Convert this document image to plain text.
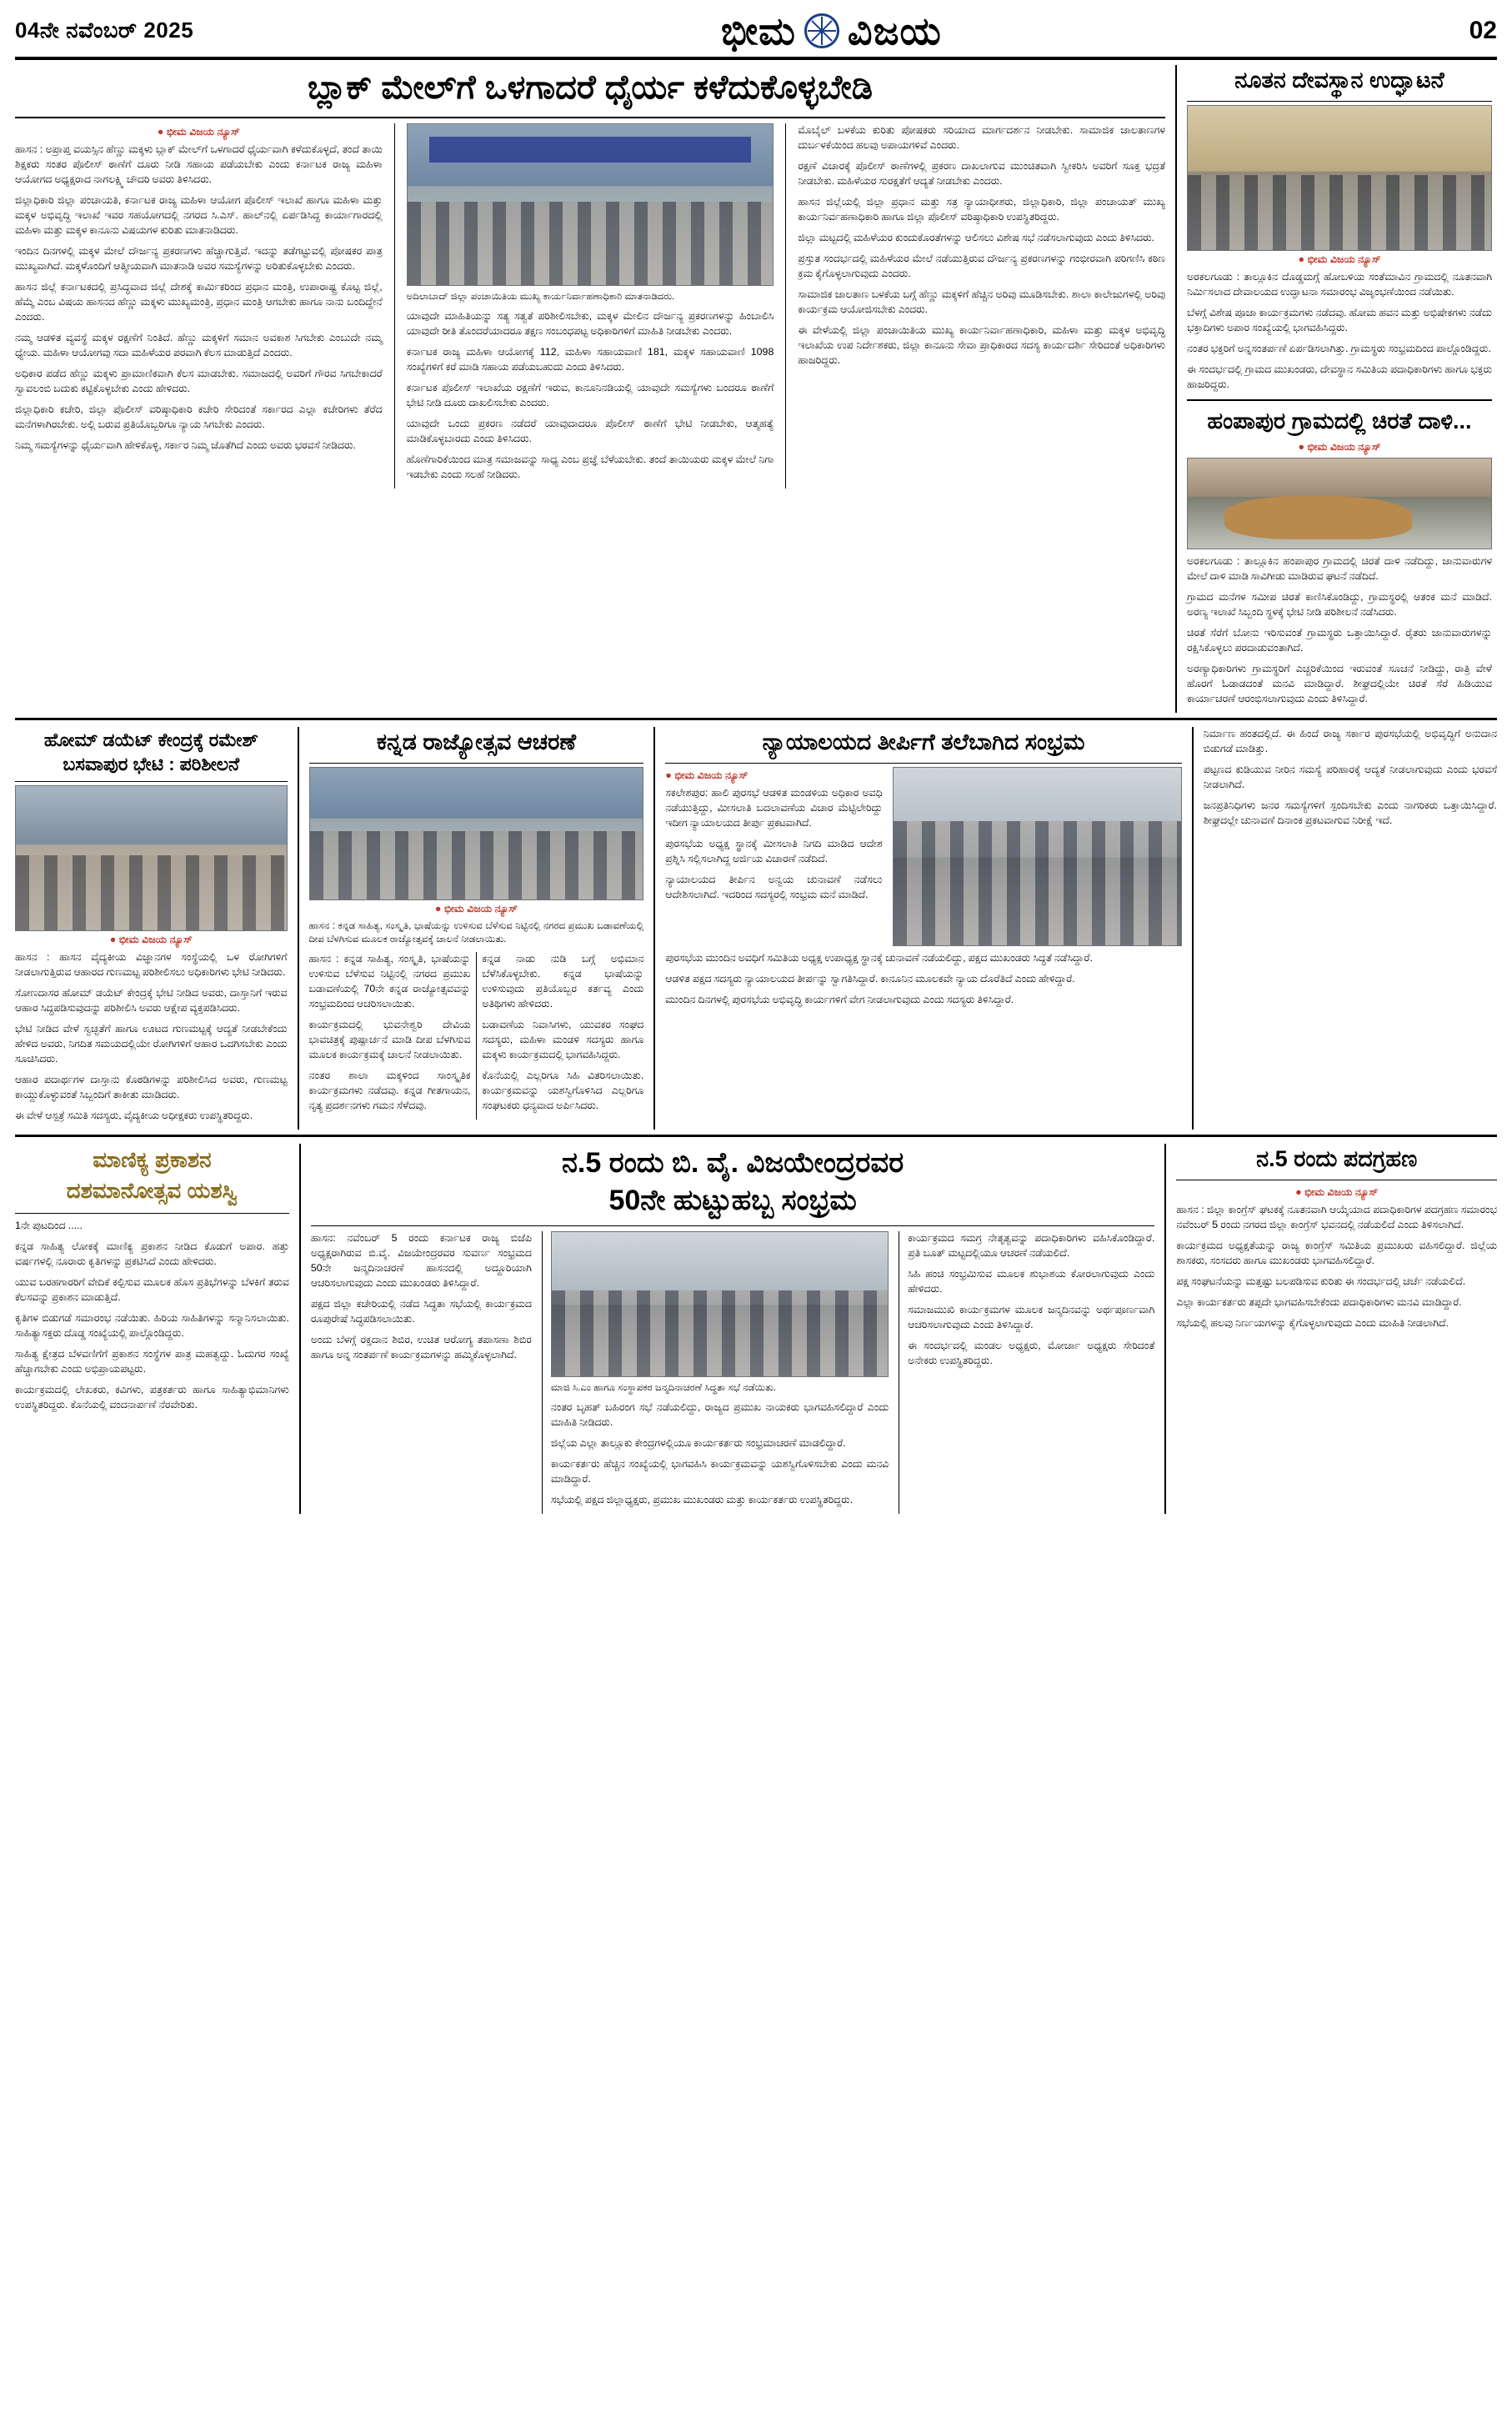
04ನೇ ನವೆಂಬರ್ 2025	ಭೀಮ ವಿಜಯ	02
ಬ್ಲಾಕ್ ಮೇಲ್‌ಗೆ ಒಳಗಾದರೆ ಧೈರ್ಯ ಕಳೆದುಕೊಳ್ಳಬೇಡಿ
● ಭೀಮ ವಿಜಯ ನ್ಯೂಸ್

ಹಾಸನ : ಅಪ್ರಾಪ್ತ ವಯಸ್ಸಿನ ಹೆಣ್ಣು ಮಕ್ಕಳು ಬ್ಲಾಕ್ ಮೇಲ್‌ಗೆ ಒಳಗಾದರೆ ಧೈರ್ಯವಾಗಿ ಕಳೆದುಕೊಳ್ಳದೆ, ತಂದೆ ತಾಯಿ ಶಿಕ್ಷಕರು ಸಂತರ ಪೊಲೀಸ್ ಠಾಣೆಗೆ ದೂರು ನೀಡಿ ಸಹಾಯ ಪಡೆಯಬೇಕು ಎಂದು ಕರ್ನಾಟಕ ರಾಜ್ಯ ಮಹಿಳಾ ಆಯೋಗದ ಅಧ್ಯಕ್ಷರಾದ ನಾಗಲಕ್ಷ್ಮಿ ಚೌದರಿ ಅವರು ತಿಳಿಸಿದರು.

ಜಿಲ್ಲಾಧಿಕಾರಿ ಜಿಲ್ಲಾ ಪಂಚಾಯತಿ, ಕರ್ನಾಟಕ ರಾಜ್ಯ ಮಹಿಳಾ ಆಯೋಗ ಪೊಲೀಸ್ ಇಲಾಖೆ ಹಾಗೂ ಮಹಿಳಾ ಮತ್ತು ಮಕ್ಕಳ ಅಭಿವೃದ್ಧಿ ಇಲಾಖೆ ಇವರ ಸಹಯೋಗದಲ್ಲಿ ನಗರದ ಸಿ.ಎಸ್. ಹಾಲ್‌ನಲ್ಲಿ ಏರ್ಪಡಿಸಿದ್ದ ಕಾರ್ಯಾಗಾರದಲ್ಲಿ ಮಹಿಳಾ ಮತ್ತು ಮಕ್ಕಳ ಕಾನೂನು ವಿಷಯಗಳ ಕುರಿತು ಮಾತನಾಡಿದರು.

ಇಂದಿನ ದಿನಗಳಲ್ಲಿ ಮಕ್ಕಳ ಮೇಲೆ ದೌರ್ಜನ್ಯ ಪ್ರಕರಣಗಳು ಹೆಚ್ಚಾಗುತ್ತಿವೆ. ಇದನ್ನು ತಡೆಗಟ್ಟುವಲ್ಲಿ ಪೋಷಕರ ಪಾತ್ರ ಮುಖ್ಯವಾಗಿದೆ. ಮಕ್ಕಳೊಂದಿಗೆ ಆತ್ಮೀಯವಾಗಿ ಮಾತನಾಡಿ ಅವರ ಸಮಸ್ಯೆಗಳನ್ನು ಅರಿತುಕೊಳ್ಳಬೇಕು ಎಂದರು.

ಹಾಸನ ಜಿಲ್ಲೆ ಕರ್ನಾಟಕದಲ್ಲಿ ಪ್ರಸಿದ್ಧವಾದ ಜಿಲ್ಲೆ ದೇಶಕ್ಕೆ ಕಾರ್ಮಿಕರಿಂದ ಪ್ರಧಾನ ಮಂತ್ರಿ, ಉಪಾರಾಷ್ಟ್ರ ಕೊಟ್ಟ ಜಿಲ್ಲೆ, ಹೆಮ್ಮೆ ಎಂಬ ವಿಷಯ ಹಾಸನದ ಹೆಣ್ಣು ಮಕ್ಕಳು ಮುಖ್ಯಮಂತ್ರಿ, ಪ್ರಧಾನ ಮಂತ್ರಿ ಆಗಬೇಕು ಹಾಗೂ ನಾನು ಬಂದಿದ್ದೇನೆ ಎಂದರು.

ನಮ್ಮ ಆಡಳಿತ ವ್ಯವಸ್ಥೆ ಮಕ್ಕಳ ರಕ್ಷಣೆಗೆ ನಿಂತಿದೆ. ಹೆಣ್ಣು ಮಕ್ಕಳಿಗೆ ಸಮಾನ ಅವಕಾಶ ಸಿಗಬೇಕು ಎಂಬುದೇ ನಮ್ಮ ಧ್ಯೇಯ. ಮಹಿಳಾ ಆಯೋಗವು ಸದಾ ಮಹಿಳೆಯರ ಪರವಾಗಿ ಕೆಲಸ ಮಾಡುತ್ತಿದೆ ಎಂದರು.

ಅಧಿಕಾರ ಪಡೆದ ಹೆಣ್ಣು ಮಕ್ಕಳು ಪ್ರಾಮಾಣಿಕವಾಗಿ ಕೆಲಸ ಮಾಡಬೇಕು. ಸಮಾಜದಲ್ಲಿ ಅವರಿಗೆ ಗೌರವ ಸಿಗಬೇಕಾದರೆ ಸ್ವಾವಲಂಬಿ ಬದುಕು ಕಟ್ಟಿಕೊಳ್ಳಬೇಕು ಎಂದು ಹೇಳಿದರು.

ಜಿಲ್ಲಾಧಿಕಾರಿ ಕಚೇರಿ, ಜಿಲ್ಲಾ ಪೊಲೀಸ್ ವರಿಷ್ಠಾಧಿಕಾರಿ ಕಚೇರಿ ಸೇರಿದಂತೆ ಸರ್ಕಾರದ ಎಲ್ಲಾ ಕಚೇರಿಗಳು ತೆರೆದ ಮನೆಗಳಾಗಿರಬೇಕು. ಅಲ್ಲಿ ಬರುವ ಪ್ರತಿಯೊಬ್ಬರಿಗೂ ನ್ಯಾಯ ಸಿಗಬೇಕು ಎಂದರು.

ನಿಮ್ಮ ಸಮಸ್ಯೆಗಳನ್ನು ಧೈರ್ಯವಾಗಿ ಹೇಳಿಕೊಳ್ಳಿ, ಸರ್ಕಾರ ನಿಮ್ಮ ಜೊತೆಗಿದೆ ಎಂದು ಅವರು ಭರವಸೆ ನೀಡಿದರು.

ಅದಿಲಾಬಾದ್ ಜಿಲ್ಲಾ ಪಂಚಾಯಿತಿಯ ಮುಖ್ಯ ಕಾರ್ಯನಿರ್ವಾಹಣಾಧಿಕಾರಿ ಮಾತನಾಡಿದರು.

ಯಾವುದೇ ಮಾಹಿತಿಯನ್ನು ಸತ್ಯ ಸತ್ವತೆ ಪರಿಶೀಲಿಸಬೇಕು, ಮಕ್ಕಳ ಮೇಲಿನ ದೌರ್ಜನ್ಯ ಪ್ರಕರಣಗಳನ್ನು ಹಿಂಬಾಲಿಸಿ ಯಾವುದೇ ರೀತಿ ತೊಂದರೆಯಾದರೂ ತಕ್ಷಣ ಸಂಬಂಧಪಟ್ಟ ಅಧಿಕಾರಿಗಳಿಗೆ ಮಾಹಿತಿ ನೀಡಬೇಕು ಎಂದರು.

ಕರ್ನಾಟಕ ರಾಜ್ಯ ಮಹಿಳಾ ಆಯೋಗಕ್ಕೆ 112, ಮಹಿಳಾ ಸಹಾಯವಾಣಿ 181, ಮಕ್ಕಳ ಸಹಾಯವಾಣಿ 1098 ಸಂಖ್ಯೆಗಳಿಗೆ ಕರೆ ಮಾಡಿ ಸಹಾಯ ಪಡೆಯಬಹುದು ಎಂದು ತಿಳಿಸಿದರು.

ಕರ್ನಾಟಕ ಪೊಲೀಸ್ ಇಲಾಖೆಯ ರಕ್ಷಣೆಗೆ ಇರುವ, ಕಾನೂನಿನಡಿಯಲ್ಲಿ ಯಾವುದೇ ಸಮಸ್ಯೆಗಳು ಬಂದರೂ ಠಾಣೆಗೆ ಭೇಟಿ ನೀಡಿ ದೂರು ದಾಖಲಿಸಬೇಕು ಎಂದರು.

ಯಾವುದೇ ಒಂದು ಪ್ರಕರಣ ನಡೆದರೆ ಯಾವುದಾದರೂ ಪೊಲೀಸ್ ಠಾಣೆಗೆ ಭೇಟಿ ನೀಡಬೇಕು, ಆತ್ಮಹತ್ಯೆ ಮಾಡಿಕೊಳ್ಳಬಾರದು ಎಂದು ತಿಳಿಸಿದರು.

ಹೊಣೆಗಾರಿಕೆಯಿಂದ ಮಾತ್ರ ಸಮಾಜವನ್ನು ಸಾಧ್ಯ ಎಂಬ ಪ್ರಜ್ಞೆ ಬೆಳೆಯಬೇಕು. ತಂದೆ ತಾಯಿಯರು ಮಕ್ಕಳ ಮೇಲೆ ನಿಗಾ ಇಡಬೇಕು ಎಂದು ಸಲಹೆ ನೀಡಿದರು.

ಮೊಬೈಲ್ ಬಳಕೆಯ ಕುರಿತು ಪೋಷಕರು ಸರಿಯಾದ ಮಾರ್ಗದರ್ಶನ ನೀಡಬೇಕು. ಸಾಮಾಜಿಕ ಜಾಲತಾಣಗಳ ದುರ್ಬಳಕೆಯಿಂದ ಹಲವು ಅಪಾಯಗಳಿವೆ ಎಂದರು.

ರಕ್ಷಣೆ ವಿಚಾರಕ್ಕೆ ಪೊಲೀಸ್ ಠಾಣೆಗಳಲ್ಲಿ ಪ್ರಕರಣ ದಾಖಲಾಗುವ ಮುಂಚಿತವಾಗಿ ಸ್ವೀಕರಿಸಿ ಅವರಿಗೆ ಸೂಕ್ತ ಭದ್ರತೆ ನೀಡಬೇಕು. ಮಹಿಳೆಯರ ಸುರಕ್ಷತೆಗೆ ಆದ್ಯತೆ ನೀಡಬೇಕು ಎಂದರು.

ಹಾಸನ ಜಿಲ್ಲೆಯಲ್ಲಿ ಜಿಲ್ಲಾ ಪ್ರಧಾನ ಮತ್ತು ಸತ್ರ ನ್ಯಾಯಾಧೀಶರು, ಜಿಲ್ಲಾಧಿಕಾರಿ, ಜಿಲ್ಲಾ ಪಂಚಾಯತ್ ಮುಖ್ಯ ಕಾರ್ಯನಿರ್ವಹಣಾಧಿಕಾರಿ ಹಾಗೂ ಜಿಲ್ಲಾ ಪೊಲೀಸ್ ವರಿಷ್ಠಾಧಿಕಾರಿ ಉಪಸ್ಥಿತರಿದ್ದರು.

ಜಿಲ್ಲಾ ಮಟ್ಟದಲ್ಲಿ ಮಹಿಳೆಯರ ಕುಂದುಕೊರತೆಗಳನ್ನು ಆಲಿಸಲು ವಿಶೇಷ ಸಭೆ ನಡೆಸಲಾಗುವುದು ಎಂದು ತಿಳಿಸಿದರು.

ಪ್ರಸ್ತುತ ಸಂದರ್ಭದಲ್ಲಿ ಮಹಿಳೆಯರ ಮೇಲೆ ನಡೆಯುತ್ತಿರುವ ದೌರ್ಜನ್ಯ ಪ್ರಕರಣಗಳನ್ನು ಗಂಭೀರವಾಗಿ ಪರಿಗಣಿಸಿ ಕಠಿಣ ಕ್ರಮ ಕೈಗೊಳ್ಳಲಾಗುವುದು ಎಂದರು.

ಸಾಮಾಜಿಕ ಜಾಲತಾಣ ಬಳಕೆಯ ಬಗ್ಗೆ ಹೆಣ್ಣು ಮಕ್ಕಳಿಗೆ ಹೆಚ್ಚಿನ ಅರಿವು ಮೂಡಿಸಬೇಕು. ಶಾಲಾ ಕಾಲೇಜುಗಳಲ್ಲಿ ಅರಿವು ಕಾರ್ಯಕ್ರಮ ಆಯೋಜಿಸಬೇಕು ಎಂದರು.

ಈ ವೇಳೆಯಲ್ಲಿ ಜಿಲ್ಲಾ ಪಂಚಾಯಿತಿಯ ಮುಖ್ಯ ಕಾರ್ಯನಿರ್ವಾಹಣಾಧಿಕಾರಿ, ಮಹಿಳಾ ಮತ್ತು ಮಕ್ಕಳ ಅಭಿವೃದ್ಧಿ ಇಲಾಖೆಯ ಉಪ ನಿರ್ದೇಶಕರು, ಜಿಲ್ಲಾ ಕಾನೂನು ಸೇವಾ ಪ್ರಾಧಿಕಾರದ ಸದಸ್ಯ ಕಾರ್ಯದರ್ಶಿ ಸೇರಿದಂತೆ ಅಧಿಕಾರಿಗಳು ಹಾಜರಿದ್ದರು.

ನೂತನ ದೇವಸ್ಥಾನ ಉದ್ಘಾಟನೆ
● ಭೀಮ ವಿಜಯ ನ್ಯೂಸ್

ಅರಕಲಗೂಡು : ತಾಲ್ಲೂಕಿನ ದೊಡ್ಡಮಗ್ಗೆ ಹೋಬಳಿಯ ಸಂತೆಮಾವಿನ ಗ್ರಾಮದಲ್ಲಿ ನೂತನವಾಗಿ ನಿರ್ಮಿಸಲಾದ ದೇವಾಲಯದ ಉದ್ಘಾಟನಾ ಸಮಾರಂಭ ವಿಜೃಂಭಣೆಯಿಂದ ನಡೆಯಿತು.

ಬೆಳಗ್ಗೆ ವಿಶೇಷ ಪೂಜಾ ಕಾರ್ಯಕ್ರಮಗಳು ನಡೆದವು. ಹೋಮ ಹವನ ಮತ್ತು ಅಭಿಷೇಕಗಳು ನಡೆದು ಭಕ್ತಾದಿಗಳು ಅಪಾರ ಸಂಖ್ಯೆಯಲ್ಲಿ ಭಾಗವಹಿಸಿದ್ದರು.

ನಂತರ ಭಕ್ತರಿಗೆ ಅನ್ನಸಂತರ್ಪಣೆ ಏರ್ಪಡಿಸಲಾಗಿತ್ತು. ಗ್ರಾಮಸ್ಥರು ಸಂಭ್ರಮದಿಂದ ಪಾಲ್ಗೊಂಡಿದ್ದರು.

ಈ ಸಂದರ್ಭದಲ್ಲಿ ಗ್ರಾಮದ ಮುಖಂಡರು, ದೇವಸ್ಥಾನ ಸಮಿತಿಯ ಪದಾಧಿಕಾರಿಗಳು ಹಾಗೂ ಭಕ್ತರು ಹಾಜರಿದ್ದರು.

ಹಂಪಾಪುರ ಗ್ರಾಮದಲ್ಲಿ ಚಿರತೆ ದಾಳಿ...
● ಭೀಮ ವಿಜಯ ನ್ಯೂಸ್

ಅರಕಲಗೂಡು : ತಾಲ್ಲೂಕಿನ ಹಂಪಾಪುರ ಗ್ರಾಮದಲ್ಲಿ ಚಿರತೆ ದಾಳಿ ನಡೆದಿದ್ದು, ಜಾನುವಾರುಗಳ ಮೇಲೆ ದಾಳಿ ಮಾಡಿ ಸಾವಿಗೀಡು ಮಾಡಿರುವ ಘಟನೆ ನಡೆದಿದೆ.

ಗ್ರಾಮದ ಮನೆಗಳ ಸಮೀಪ ಚಿರತೆ ಕಾಣಿಸಿಕೊಂಡಿದ್ದು, ಗ್ರಾಮಸ್ಥರಲ್ಲಿ ಆತಂಕ ಮನೆ ಮಾಡಿದೆ. ಅರಣ್ಯ ಇಲಾಖೆ ಸಿಬ್ಬಂದಿ ಸ್ಥಳಕ್ಕೆ ಭೇಟಿ ನೀಡಿ ಪರಿಶೀಲನೆ ನಡೆಸಿದರು.

ಚಿರತೆ ಸೆರೆಗೆ ಬೋನು ಇರಿಸುವಂತೆ ಗ್ರಾಮಸ್ಥರು ಒತ್ತಾಯಿಸಿದ್ದಾರೆ. ರೈತರು ಜಾನುವಾರುಗಳನ್ನು ರಕ್ಷಿಸಿಕೊಳ್ಳಲು ಪರದಾಡುವಂತಾಗಿದೆ.

ಅರಣ್ಯಾಧಿಕಾರಿಗಳು ಗ್ರಾಮಸ್ಥರಿಗೆ ಎಚ್ಚರಿಕೆಯಿಂದ ಇರುವಂತೆ ಸೂಚನೆ ನೀಡಿದ್ದು, ರಾತ್ರಿ ವೇಳೆ ಹೊರಗೆ ಓಡಾಡದಂತೆ ಮನವಿ ಮಾಡಿದ್ದಾರೆ. ಶೀಘ್ರದಲ್ಲಿಯೇ ಚಿರತೆ ಸೆರೆ ಹಿಡಿಯುವ ಕಾರ್ಯಾಚರಣೆ ಆರಂಭಿಸಲಾಗುವುದು ಎಂದು ತಿಳಿಸಿದ್ದಾರೆ.

ಹೋಮ್ ಡಯೆಟ್ ಕೇಂದ್ರಕ್ಕೆ ರಮೇಶ್
ಬಸವಾಪುರ ಭೇಟಿ : ಪರಿಶೀಲನೆ
● ಭೀಮ ವಿಜಯ ನ್ಯೂಸ್

ಹಾಸನ : ಹಾಸನ ವೈದ್ಯಕೀಯ ವಿಜ್ಞಾನಗಳ ಸಂಸ್ಥೆಯಲ್ಲಿ ಒಳ ರೋಗಿಗಳಿಗೆ ನೀಡಲಾಗುತ್ತಿರುವ ಆಹಾರದ ಗುಣಮಟ್ಟ ಪರಿಶೀಲಿಸಲು ಅಧಿಕಾರಿಗಳು ಭೇಟಿ ನೀಡಿದರು.

ಸೋಣದಾಸರ ಹೋಮ್ ಡಯೆಟ್ ಕೇಂದ್ರಕ್ಕೆ ಭೇಟಿ ನೀಡಿದ ಅವರು, ದಾಸ್ತಾನಿಗೆ ಇರುವ ಆಹಾರ ಸಿದ್ಧಪಡಿಸುವುದನ್ನು ಪರಿಶೀಲಿಸಿ ಅವರು ಆಕ್ಷೇಪ ವ್ಯಕ್ತಪಡಿಸಿದರು.

ಭೇಟಿ ನೀಡಿದ ವೇಳೆ ಸ್ವಚ್ಛತೆಗೆ ಹಾಗೂ ಊಟದ ಗುಣಮಟ್ಟಕ್ಕೆ ಆದ್ಯತೆ ನೀಡಬೇಕೆಂದು ಹೇಳಿದ ಅವರು, ನಿಗದಿತ ಸಮಯದಲ್ಲಿಯೇ ರೋಗಿಗಳಿಗೆ ಆಹಾರ ಒದಗಿಸಬೇಕು ಎಂದು ಸೂಚಿಸಿದರು.

ಆಹಾರ ಪದಾರ್ಥಗಳ ದಾಸ್ತಾನು ಕೊಠಡಿಗಳನ್ನು ಪರಿಶೀಲಿಸಿದ ಅವರು, ಗುಣಮಟ್ಟ ಕಾಯ್ದುಕೊಳ್ಳುವಂತೆ ಸಿಬ್ಬಂದಿಗೆ ತಾಕೀತು ಮಾಡಿದರು.

ಈ ವೇಳೆ ಆಸ್ಪತ್ರೆ ಸಮಿತಿ ಸದಸ್ಯರು, ವೈದ್ಯಕೀಯ ಅಧೀಕ್ಷಕರು ಉಪಸ್ಥಿತರಿದ್ದರು.

ಕನ್ನಡ ರಾಜ್ಯೋತ್ಸವ ಆಚರಣೆ
● ಭೀಮ ವಿಜಯ ನ್ಯೂಸ್
ಹಾಸನ : ಕನ್ನಡ ಸಾಹಿತ್ಯ, ಸಂಸ್ಕೃತಿ, ಭಾಷೆಯನ್ನು ಉಳಿಸುವ ಬೆಳೆಸುವ ನಿಟ್ಟಿನಲ್ಲಿ ನಗರದ ಪ್ರಮುಖ ಬಡಾವಣೆಯಲ್ಲಿ ದೀಪ ಬೆಳಗಿಸುವ ಮೂಲಕ ರಾಜ್ಯೋತ್ಸವಕ್ಕೆ ಚಾಲನೆ ನೀಡಲಾಯಿತು.

ಹಾಸನ : ಕನ್ನಡ ಸಾಹಿತ್ಯ, ಸಂಸ್ಕೃತಿ, ಭಾಷೆಯನ್ನು ಉಳಿಸುವ ಬೆಳೆಸುವ ನಿಟ್ಟಿನಲ್ಲಿ ನಗರದ ಪ್ರಮುಖ ಬಡಾವಣೆಯಲ್ಲಿ 70ನೇ ಕನ್ನಡ ರಾಜ್ಯೋತ್ಸವವನ್ನು ಸಂಭ್ರಮದಿಂದ ಆಚರಿಸಲಾಯಿತು.

ಕಾರ್ಯಕ್ರಮದಲ್ಲಿ ಭುವನೇಶ್ವರಿ ದೇವಿಯ ಭಾವಚಿತ್ರಕ್ಕೆ ಪುಷ್ಪಾರ್ಚನೆ ಮಾಡಿ ದೀಪ ಬೆಳಗಿಸುವ ಮೂಲಕ ಕಾರ್ಯಕ್ರಮಕ್ಕೆ ಚಾಲನೆ ನೀಡಲಾಯಿತು.

ನಂತರ ಶಾಲಾ ಮಕ್ಕಳಿಂದ ಸಾಂಸ್ಕೃತಿಕ ಕಾರ್ಯಕ್ರಮಗಳು ನಡೆದವು. ಕನ್ನಡ ಗೀತಗಾಯನ, ನೃತ್ಯ ಪ್ರದರ್ಶನಗಳು ಗಮನ ಸೆಳೆದವು.

ಕನ್ನಡ ನಾಡು ನುಡಿ ಬಗ್ಗೆ ಅಭಿಮಾನ ಬೆಳೆಸಿಕೊಳ್ಳಬೇಕು. ಕನ್ನಡ ಭಾಷೆಯನ್ನು ಉಳಿಸುವುದು ಪ್ರತಿಯೊಬ್ಬರ ಕರ್ತವ್ಯ ಎಂದು ಅತಿಥಿಗಳು ಹೇಳಿದರು.

ಬಡಾವಣೆಯ ನಿವಾಸಿಗಳು, ಯುವಕರ ಸಂಘದ ಸದಸ್ಯರು, ಮಹಿಳಾ ಮಂಡಳಿ ಸದಸ್ಯರು ಹಾಗೂ ಮಕ್ಕಳು ಕಾರ್ಯಕ್ರಮದಲ್ಲಿ ಭಾಗವಹಿಸಿದ್ದರು.

ಕೊನೆಯಲ್ಲಿ ಎಲ್ಲರಿಗೂ ಸಿಹಿ ವಿತರಿಸಲಾಯಿತು. ಕಾರ್ಯಕ್ರಮವನ್ನು ಯಶಸ್ವಿಗೊಳಿಸಿದ ಎಲ್ಲರಿಗೂ ಸಂಘಟಕರು ಧನ್ಯವಾದ ಅರ್ಪಿಸಿದರು.

ನ್ಯಾಯಾಲಯದ ತೀರ್ಪಿಗೆ ತಲೆಬಾಗಿದ ಸಂಭ್ರಮ
● ಭೀಮ ವಿಜಯ ನ್ಯೂಸ್

ಸಕಲೇಶಪುರ: ಹಾಲಿ ಪುರಸಭೆ ಆಡಳಿತ ಮಂಡಳಿಯ ಅಧಿಕಾರ ಅವಧಿ ನಡೆಯುತ್ತಿದ್ದು, ಮೀಸಲಾತಿ ಬದಲಾವಣೆಯ ವಿಚಾರ ಮೆಟ್ಟಿಲೇರಿದ್ದು ಇದೀಗ ನ್ಯಾಯಾಲಯದ ತೀರ್ಪು ಪ್ರಕಟವಾಗಿದೆ.

ಪುರಸಭೆಯ ಅಧ್ಯಕ್ಷ ಸ್ಥಾನಕ್ಕೆ ಮೀಸಲಾತಿ ನಿಗದಿ ಮಾಡಿದ ಆದೇಶ ಪ್ರಶ್ನಿಸಿ ಸಲ್ಲಿಸಲಾಗಿದ್ದ ಅರ್ಜಿಯ ವಿಚಾರಣೆ ನಡೆದಿದೆ.

ನ್ಯಾಯಾಲಯದ ತೀರ್ಪಿನ ಅನ್ವಯ ಚುನಾವಣೆ ನಡೆಸಲು ಆದೇಶಿಸಲಾಗಿದೆ. ಇದರಿಂದ ಸದಸ್ಯರಲ್ಲಿ ಸಂಭ್ರಮ ಮನೆ ಮಾಡಿದೆ.

ಪುರಸಭೆಯ ಮುಂದಿನ ಅವಧಿಗೆ ಸಮಿತಿಯ ಅಧ್ಯಕ್ಷ ಉಪಾಧ್ಯಕ್ಷ ಸ್ಥಾನಕ್ಕೆ ಚುನಾವಣೆ ನಡೆಯಲಿದ್ದು, ಪಕ್ಷದ ಮುಖಂಡರು ಸಿದ್ಧತೆ ನಡೆಸಿದ್ದಾರೆ.

ಆಡಳಿತ ಪಕ್ಷದ ಸದಸ್ಯರು ನ್ಯಾಯಾಲಯದ ತೀರ್ಪನ್ನು ಸ್ವಾಗತಿಸಿದ್ದಾರೆ. ಕಾನೂನಿನ ಮೂಲಕವೇ ನ್ಯಾಯ ದೊರೆತಿದೆ ಎಂದು ಹೇಳಿದ್ದಾರೆ.

ಮುಂದಿನ ದಿನಗಳಲ್ಲಿ ಪುರಸಭೆಯ ಅಭಿವೃದ್ಧಿ ಕಾರ್ಯಗಳಿಗೆ ವೇಗ ನೀಡಲಾಗುವುದು ಎಂದು ಸದಸ್ಯರು ತಿಳಿಸಿದ್ದಾರೆ.

ನಿರ್ಮಾಣ ಹಂತದಲ್ಲಿದೆ. ಈ ಹಿಂದೆ ರಾಜ್ಯ ಸರ್ಕಾರ ಪುರಸಭೆಯಲ್ಲಿ ಅಭಿವೃದ್ಧಿಗೆ ಅನುದಾನ ಬಿಡುಗಡೆ ಮಾಡಿತ್ತು.

ಪಟ್ಟಣದ ಕುಡಿಯುವ ನೀರಿನ ಸಮಸ್ಯೆ ಪರಿಹಾರಕ್ಕೆ ಆದ್ಯತೆ ನೀಡಲಾಗುವುದು ಎಂದು ಭರವಸೆ ನೀಡಲಾಗಿದೆ.

ಜನಪ್ರತಿನಿಧಿಗಳು ಜನರ ಸಮಸ್ಯೆಗಳಿಗೆ ಸ್ಪಂದಿಸಬೇಕು ಎಂದು ನಾಗರಿಕರು ಒತ್ತಾಯಿಸಿದ್ದಾರೆ. ಶೀಘ್ರದಲ್ಲೇ ಚುನಾವಣೆ ದಿನಾಂಕ ಪ್ರಕಟವಾಗುವ ನಿರೀಕ್ಷೆ ಇದೆ.

ಮಾಣಿಕ್ಯ ಪ್ರಕಾಶನ
ದಶಮಾನೋತ್ಸವ ಯಶಸ್ವಿ

1ನೇ ಪುಟದಿಂದ .....

ಕನ್ನಡ ಸಾಹಿತ್ಯ ಲೋಕಕ್ಕೆ ಮಾಣಿಕ್ಯ ಪ್ರಕಾಶನ ನೀಡಿದ ಕೊಡುಗೆ ಅಪಾರ. ಹತ್ತು ವರ್ಷಗಳಲ್ಲಿ ನೂರಾರು ಕೃತಿಗಳನ್ನು ಪ್ರಕಟಿಸಿದೆ ಎಂದು ಹೇಳಿದರು.

ಯುವ ಬರಹಗಾರರಿಗೆ ವೇದಿಕೆ ಕಲ್ಪಿಸುವ ಮೂಲಕ ಹೊಸ ಪ್ರತಿಭೆಗಳನ್ನು ಬೆಳಕಿಗೆ ತರುವ ಕೆಲಸವನ್ನು ಪ್ರಕಾಶನ ಮಾಡುತ್ತಿದೆ.

ಕೃತಿಗಳ ಬಿಡುಗಡೆ ಸಮಾರಂಭ ನಡೆಯಿತು. ಹಿರಿಯ ಸಾಹಿತಿಗಳನ್ನು ಸನ್ಮಾನಿಸಲಾಯಿತು. ಸಾಹಿತ್ಯಾಸಕ್ತರು ದೊಡ್ಡ ಸಂಖ್ಯೆಯಲ್ಲಿ ಪಾಲ್ಗೊಂಡಿದ್ದರು.

ಸಾಹಿತ್ಯ ಕ್ಷೇತ್ರದ ಬೆಳವಣಿಗೆಗೆ ಪ್ರಕಾಶನ ಸಂಸ್ಥೆಗಳ ಪಾತ್ರ ಮಹತ್ವದ್ದು. ಓದುಗರ ಸಂಖ್ಯೆ ಹೆಚ್ಚಾಗಬೇಕು ಎಂದು ಅಭಿಪ್ರಾಯಪಟ್ಟರು.

ಕಾರ್ಯಕ್ರಮದಲ್ಲಿ ಲೇಖಕರು, ಕವಿಗಳು, ಪತ್ರಕರ್ತರು ಹಾಗೂ ಸಾಹಿತ್ಯಾಭಿಮಾನಿಗಳು ಉಪಸ್ಥಿತರಿದ್ದರು. ಕೊನೆಯಲ್ಲಿ ವಂದನಾರ್ಪಣೆ ನೆರವೇರಿತು.

ನ.5 ರಂದು ಬಿ. ವೈ. ವಿಜಯೇಂದ್ರರವರ
50ನೇ ಹುಟ್ಟುಹಬ್ಬ ಸಂಭ್ರಮ

ಹಾಸನ: ನವೆಂಬರ್ 5 ರಂದು ಕರ್ನಾಟಕ ರಾಜ್ಯ ಬಿಜೆಪಿ ಅಧ್ಯಕ್ಷರಾಗಿರುವ ಬಿ.ವೈ. ವಿಜಯೇಂದ್ರರವರ ಸುವರ್ಣ ಸಂಭ್ರಮದ 50ನೇ ಜನ್ಮದಿನಾಚರಣೆ ಹಾಸನದಲ್ಲಿ ಅದ್ದೂರಿಯಾಗಿ ಆಚರಿಸಲಾಗುವುದು ಎಂದು ಮುಖಂಡರು ತಿಳಿಸಿದ್ದಾರೆ.

ಪಕ್ಷದ ಜಿಲ್ಲಾ ಕಚೇರಿಯಲ್ಲಿ ನಡೆದ ಸಿದ್ಧತಾ ಸಭೆಯಲ್ಲಿ ಕಾರ್ಯಕ್ರಮದ ರೂಪುರೇಷೆ ಸಿದ್ಧಪಡಿಸಲಾಯಿತು.

ಅಂದು ಬೆಳಗ್ಗೆ ರಕ್ತದಾನ ಶಿಬಿರ, ಉಚಿತ ಆರೋಗ್ಯ ತಪಾಸಣಾ ಶಿಬಿರ ಹಾಗೂ ಅನ್ನ ಸಂತರ್ಪಣೆ ಕಾರ್ಯಕ್ರಮಗಳನ್ನು ಹಮ್ಮಿಕೊಳ್ಳಲಾಗಿದೆ.

ಮಾಜಿ ಸಿ.ಎಂ ಹಾಗೂ ಸಂಸ್ಥಾಪಕರ ಜನ್ಮದಿನಾಚರಣೆ ಸಿದ್ಧತಾ ಸಭೆ ನಡೆಯಿತು.

ನಂತರ ಬೃಹತ್ ಬಹಿರಂಗ ಸಭೆ ನಡೆಯಲಿದ್ದು, ರಾಜ್ಯದ ಪ್ರಮುಖ ನಾಯಕರು ಭಾಗವಹಿಸಲಿದ್ದಾರೆ ಎಂದು ಮಾಹಿತಿ ನೀಡಿದರು.

ಜಿಲ್ಲೆಯ ಎಲ್ಲಾ ತಾಲ್ಲೂಕು ಕೇಂದ್ರಗಳಲ್ಲಿಯೂ ಕಾರ್ಯಕರ್ತರು ಸಂಭ್ರಮಾಚರಣೆ ಮಾಡಲಿದ್ದಾರೆ.

ಕಾರ್ಯಕರ್ತರು ಹೆಚ್ಚಿನ ಸಂಖ್ಯೆಯಲ್ಲಿ ಭಾಗವಹಿಸಿ ಕಾರ್ಯಕ್ರಮವನ್ನು ಯಶಸ್ವಿಗೊಳಿಸಬೇಕು ಎಂದು ಮನವಿ ಮಾಡಿದ್ದಾರೆ.

ಸಭೆಯಲ್ಲಿ ಪಕ್ಷದ ಜಿಲ್ಲಾಧ್ಯಕ್ಷರು, ಪ್ರಮುಖ ಮುಖಂಡರು ಮತ್ತು ಕಾರ್ಯಕರ್ತರು ಉಪಸ್ಥಿತರಿದ್ದರು.

ಕಾರ್ಯಕ್ರಮದ ಸಮಗ್ರ ನೇತೃತ್ವವನ್ನು ಪದಾಧಿಕಾರಿಗಳು ವಹಿಸಿಕೊಂಡಿದ್ದಾರೆ. ಪ್ರತಿ ಬೂತ್ ಮಟ್ಟದಲ್ಲಿಯೂ ಆಚರಣೆ ನಡೆಯಲಿದೆ.

ಸಿಹಿ ಹಂಚಿ ಸಂಭ್ರಮಿಸುವ ಮೂಲಕ ಶುಭಾಶಯ ಕೋರಲಾಗುವುದು ಎಂದು ಹೇಳಿದರು.

ಸಮಾಜಮುಖಿ ಕಾರ್ಯಕ್ರಮಗಳ ಮೂಲಕ ಜನ್ಮದಿನವನ್ನು ಅರ್ಥಪೂರ್ಣವಾಗಿ ಆಚರಿಸಲಾಗುವುದು ಎಂದು ತಿಳಿಸಿದ್ದಾರೆ.

ಈ ಸಂದರ್ಭದಲ್ಲಿ ಮಂಡಲ ಅಧ್ಯಕ್ಷರು, ಮೋರ್ಚಾ ಅಧ್ಯಕ್ಷರು ಸೇರಿದಂತೆ ಅನೇಕರು ಉಪಸ್ಥಿತರಿದ್ದರು.

ನ.5 ರಂದು ಪದಗ್ರಹಣ
● ಭೀಮ ವಿಜಯ ನ್ಯೂಸ್

ಹಾಸನ : ಜಿಲ್ಲಾ ಕಾಂಗ್ರೆಸ್ ಘಟಕಕ್ಕೆ ನೂತನವಾಗಿ ಆಯ್ಕೆಯಾದ ಪದಾಧಿಕಾರಿಗಳ ಪದಗ್ರಹಣ ಸಮಾರಂಭ ನವೆಂಬರ್ 5 ರಂದು ನಗರದ ಜಿಲ್ಲಾ ಕಾಂಗ್ರೆಸ್ ಭವನದಲ್ಲಿ ನಡೆಯಲಿದೆ ಎಂದು ತಿಳಿಸಲಾಗಿದೆ.

ಕಾರ್ಯಕ್ರಮದ ಅಧ್ಯಕ್ಷತೆಯನ್ನು ರಾಜ್ಯ ಕಾಂಗ್ರೆಸ್ ಸಮಿತಿಯ ಪ್ರಮುಖರು ವಹಿಸಲಿದ್ದಾರೆ. ಜಿಲ್ಲೆಯ ಶಾಸಕರು, ಸಂಸದರು ಹಾಗೂ ಮುಖಂಡರು ಭಾಗವಹಿಸಲಿದ್ದಾರೆ.

ಪಕ್ಷ ಸಂಘಟನೆಯನ್ನು ಮತ್ತಷ್ಟು ಬಲಪಡಿಸುವ ಕುರಿತು ಈ ಸಂದರ್ಭದಲ್ಲಿ ಚರ್ಚೆ ನಡೆಯಲಿದೆ.

ಎಲ್ಲಾ ಕಾರ್ಯಕರ್ತರು ತಪ್ಪದೇ ಭಾಗವಹಿಸಬೇಕೆಂದು ಪದಾಧಿಕಾರಿಗಳು ಮನವಿ ಮಾಡಿದ್ದಾರೆ.

ಸಭೆಯಲ್ಲಿ ಹಲವು ನಿರ್ಣಯಗಳನ್ನು ಕೈಗೊಳ್ಳಲಾಗುವುದು ಎಂದು ಮಾಹಿತಿ ನೀಡಲಾಗಿದೆ.
